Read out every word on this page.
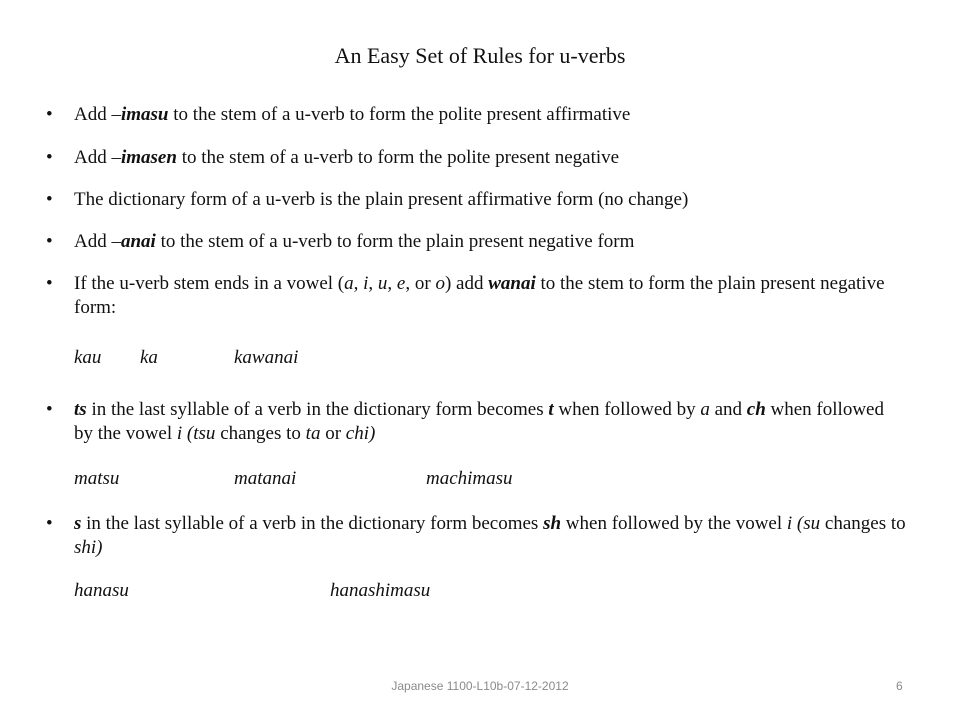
An Easy Set of Rules for u-verbs
• Add –imasu to the stem of a u-verb to form the polite present affirmative
• Add –imasen to the stem of a u-verb to form the polite present negative
• The dictionary form of a u-verb is the plain present affirmative form (no change)
• Add –anai to the stem of a u-verb to form the plain present negative form
• If the u-verb stem ends in a vowel (a, i, u, e, or o) add wanai to the stem to form the plain present negative form:
kau ka	kawanai
• ts in the last syllable of a verb in the dictionary form becomes t when followed by a and ch when followed by the vowel i (tsu changes to ta or chi)
matsu	matanai	machimasu
• s in the last syllable of a verb in the dictionary form becomes sh when followed by the vowel i (su changes to shi)
hanasu	hanashimasu
Japanese 1100-L10b-07-12-2012	6
